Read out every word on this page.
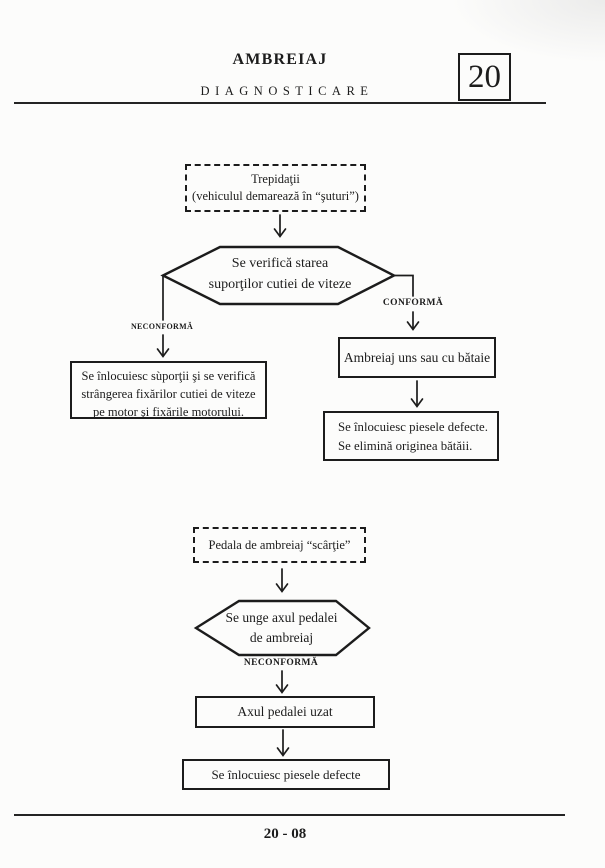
AMBREIAJ
DIAGNOSTICARE	20
Trepidaţii
(vehiculul demarează în “şuturi”)
Se verifică starea
suporţilor cutiei de viteze
NECONFORMĂ
CONFORMĂ
Se înlocuiesc sùporţii şi se verifică
strângerea fixărilor cutiei de viteze
pe motor şi fixările motorului.
Ambreiaj uns sau cu bătaie
Se înlocuiesc piesele defecte.
Se elimină originea bătăii.
Pedala de ambreiaj “scârţie”
Se unge axul pedalei
de ambreiaj
NECONFORMĂ
Axul pedalei uzat
Se înlocuiesc piesele defecte
20 - 08
